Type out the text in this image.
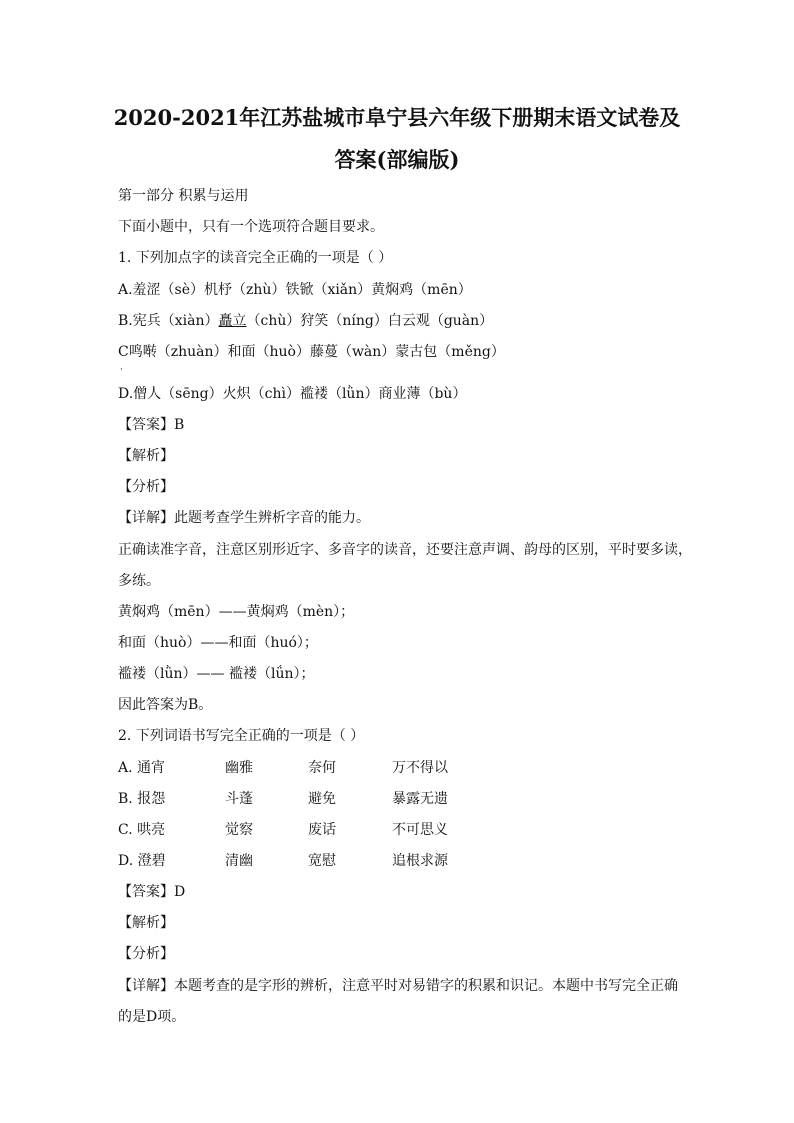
2020-2021年江苏盐城市阜宁县六年级下册期末语文试卷及
答案(部编版)
第一部分 积累与运用
下面小题中，只有一个选项符合题目要求。
1. 下列加点字的读音完全正确的一项是（ ）
A.羞涩（sè）机杼（zhù）铁锨（xiǎn）黄焖鸡（mēn）
B.宪兵（xiàn）矗立（chù）狩笑（níng）白云观（guàn）
C鸣啭（zhuàn）和面（huò）藤蔓（wàn）蒙古包（měng）
·
D.僧人（sēng）火炽（chì）褴褛（lǜn）商业薄（bù）
【答案】B
【解析】
【分析】
【详解】此题考查学生辨析字音的能力。
正确读准字音，注意区别形近字、多音字的读音，还要注意声调、韵母的区别，平时要多读，
多练。
黄焖鸡（mēn）——黄焖鸡（mèn）；
和面（huò）——和面（huó）；
褴褛（lǜn）—— 褴褛（lǘn）；
因此答案为B。
2. 下列词语书写完全正确的一项是（ ）
A. 通宵	幽雅	奈何	万不得以
B. 报怨	斗蓬	避免	暴露无遗
C. 哄亮	觉察	废话	不可思义
D. 澄碧	清幽	宽慰	追根求源
【答案】D
【解析】
【分析】
【详解】本题考查的是字形的辨析，注意平时对易错字的积累和识记。本题中书写完全正确
的是D项。
